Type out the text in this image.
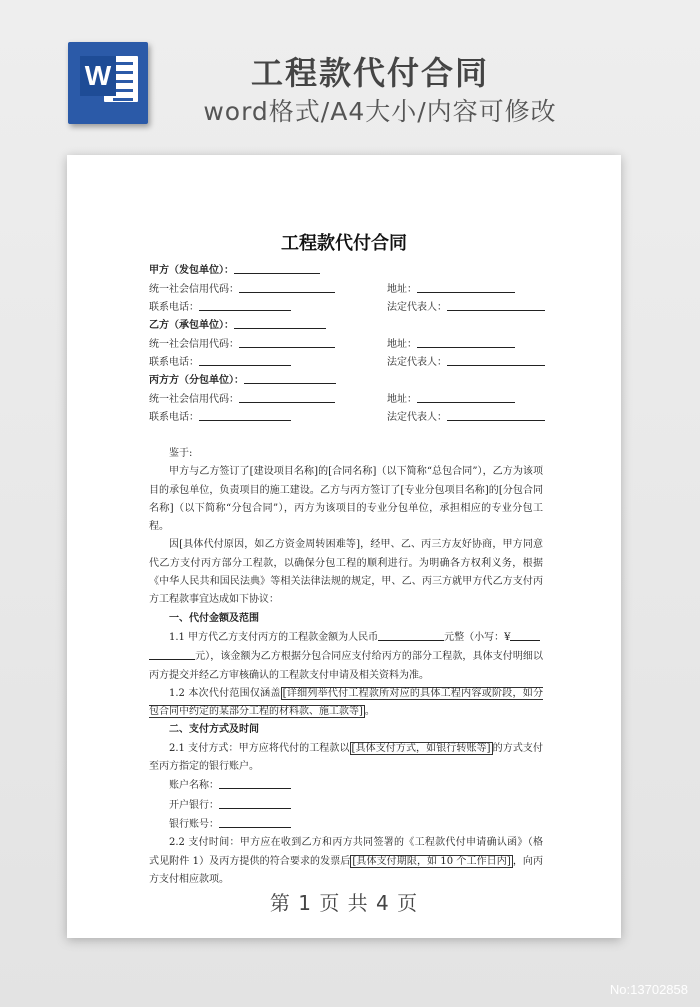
W	工程款代付合同
word格式/A4大小/内容可修改
工程款代付合同
甲方（发包单位）：
统一社会信用代码：	地址：
联系电话：	法定代表人：
乙方（承包单位）：
统一社会信用代码：	地址：
联系电话：	法定代表人：
丙方方（分包单位）：
统一社会信用代码：	地址：
联系电话：	法定代表人：

鉴于:

甲方与乙方签订了[建设项目名称]的[合同名称]（以下简称“总包合同”），乙方为该项目的承包单位，负责项目的施工建设。乙方与丙方签订了[专业分包项目名称]的[分包合同名称]（以下简称“分包合同”），丙方为该项目的专业分包单位，承担相应的专业分包工程。

因[具体代付原因，如乙方资金周转困难等]，经甲、乙、丙三方友好协商，甲方同意代乙方支付丙方部分工程款，以确保分包工程的顺利进行。为明确各方权利义务，根据《中华人民共和国民法典》等相关法律法规的规定，甲、乙、丙三方就甲方代乙方支付丙方工程款事宜达成如下协议：

一、代付金额及范围

1.1 甲方代乙方支付丙方的工程款金额为人民币	元整（小写：¥
元），该金额为乙方根据分包合同应支付给丙方的部分工程款，具体支付明细以丙方提交并经乙方审核确认的工程款支付申请及相关资料为准。

1.2 本次代付范围仅涵盖 [详细列举代付工程款所对应的具体工程内容或阶段，如分包合同中约定的某部分工程的材料款、施工款等] 。

二、支付方式及时间

2.1 支付方式：甲方应将代付的工程款以 [具体支付方式，如银行转账等] 的方式支付至丙方指定的银行账户。

账户名称：

开户银行：

银行账号：

2.2 支付时间：甲方应在收到乙方和丙方共同签署的《工程款代付申请确认函》（格式见附件 1）及丙方提供的符合要求的发票后 [具体支付期限，如 10 个工作日内] ，向丙方支付相应款项。

第 1 页 共 4 页
No:13702858
